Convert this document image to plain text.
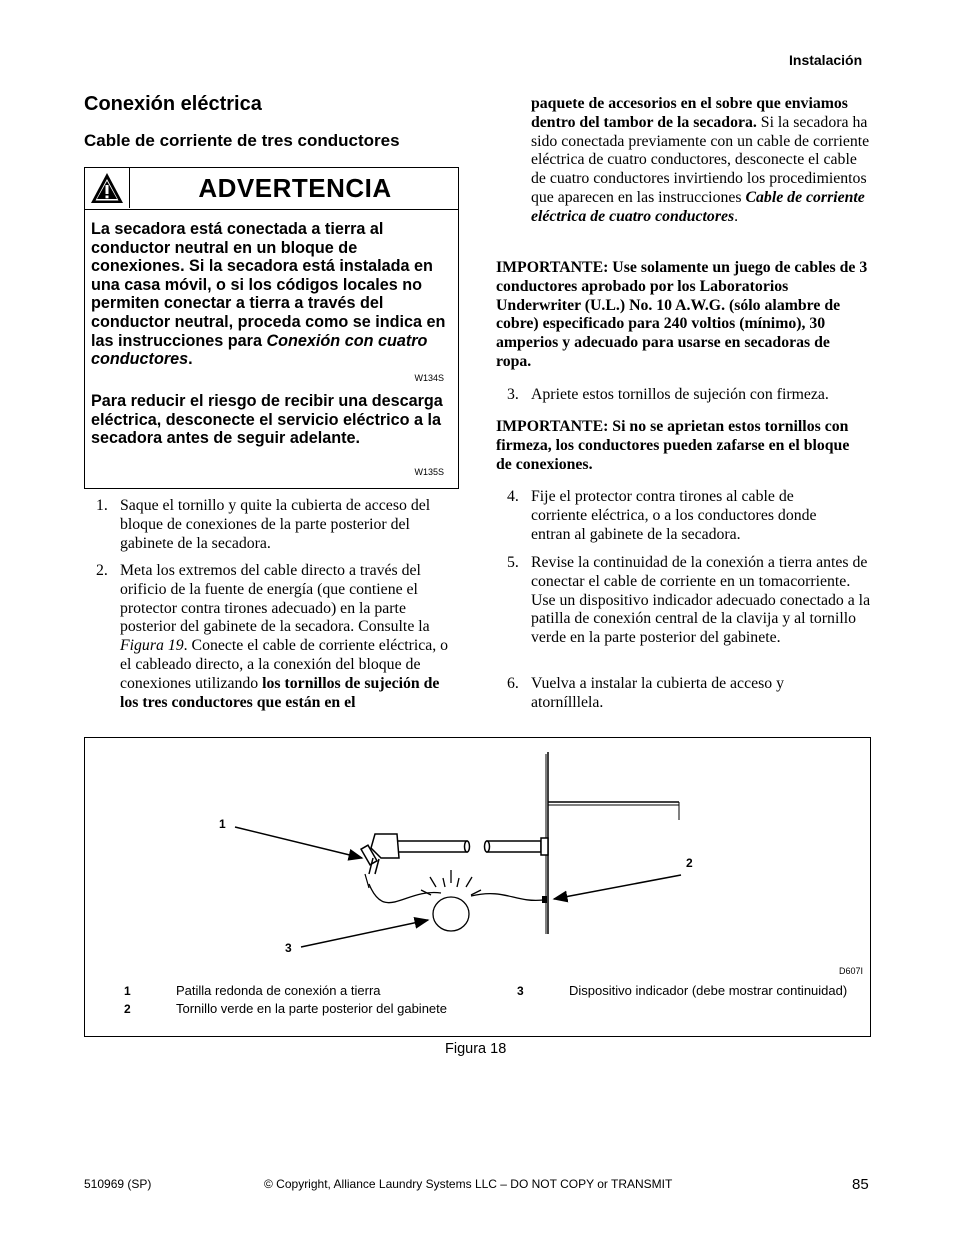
Instalación
Conexión eléctrica
Cable de corriente de tres conductores
ADVERTENCIA
La secadora está conectada a tierra al conductor neutral en un bloque de conexiones. Si la secadora está instalada en una casa móvil, o si los códigos locales no permiten conectar a tierra a través del conductor neutral, proceda como se indica en las instrucciones para Conexión con cuatro conductores.
W134S
Para reducir el riesgo de recibir una descarga eléctrica, desconecte el servicio eléctrico a la secadora antes de seguir adelante.
W135S
1. Saque el tornillo y quite la cubierta de acceso del bloque de conexiones de la parte posterior del gabinete de la secadora.
2. Meta los extremos del cable directo a través del orificio de la fuente de energía (que contiene el protector contra tirones adecuado) en la parte posterior del gabinete de la secadora. Consulte la Figura 19. Conecte el cable de corriente eléctrica, o el cableado directo, a la conexión del bloque de conexiones utilizando los tornillos de sujeción de los tres conductores que están en el
paquete de accesorios en el sobre que enviamos dentro del tambor de la secadora. Si la secadora ha sido conectada previamente con un cable de corriente eléctrica de cuatro conductores, desconecte el cable de cuatro conductores invirtiendo los procedimientos que aparecen en las instrucciones Cable de corriente eléctrica de cuatro conductores.
IMPORTANTE: Use solamente un juego de cables de 3 conductores aprobado por los Laboratorios Underwriter (U.L.) No. 10 A.W.G. (sólo alambre de cobre) especificado para 240 voltios (mínimo), 30 amperios y adecuado para usarse en secadoras de ropa.
3. Apriete estos tornillos de sujeción con firmeza.
IMPORTANTE: Si no se aprietan estos tornillos con firmeza, los conductores pueden zafarse en el bloque de conexiones.
4. Fije el protector contra tirones al cable de corriente eléctrica, o a los conductores donde entran al gabinete de la secadora.
5. Revise la continuidad de la conexión a tierra antes de conectar el cable de corriente en un tomacorriente. Use un dispositivo indicador adecuado conectado a la patilla de conexión central de la clavija y al tornillo verde en la parte posterior del gabinete.
6. Vuelva a instalar la cubierta de acceso y atornílllela.
1
2
3
D607I
1	Patilla redonda de conexión a tierra
2	Tornillo verde en la parte posterior del gabinete
3	Dispositivo indicador (debe mostrar continuidad)
Figura 18
510969 (SP)	© Copyright, Alliance Laundry Systems LLC – DO NOT COPY or TRANSMIT	85
